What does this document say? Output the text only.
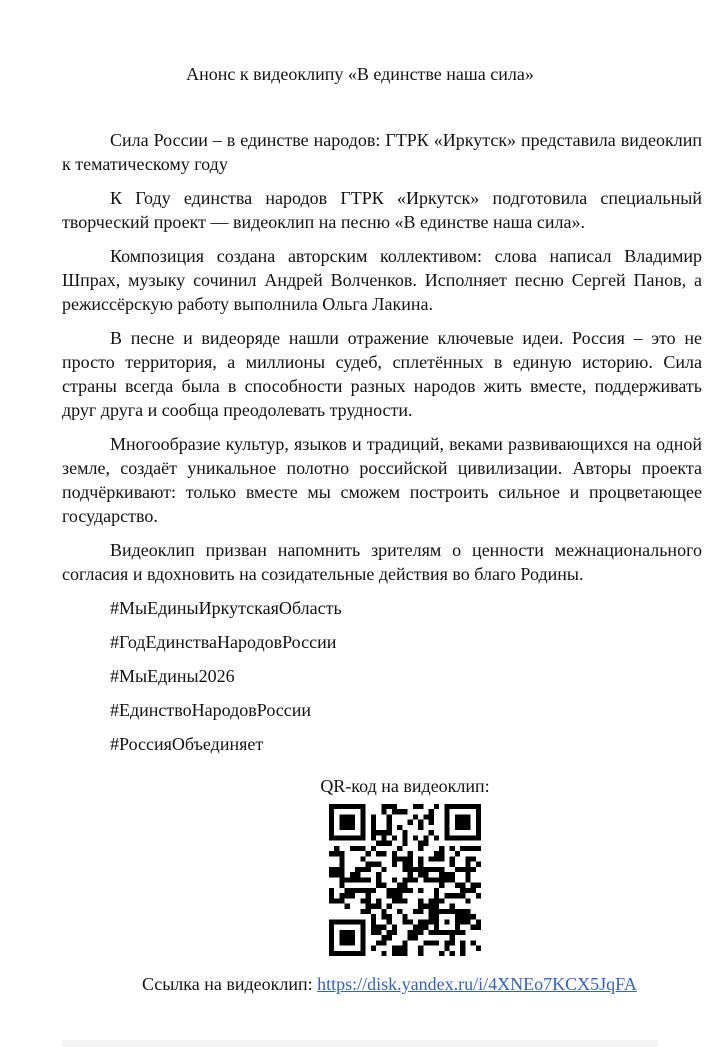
Анонс к видеоклипу «В единстве наша сила»

Сила России – в единстве народов: ГТРК «Иркутск» представила видеоклип к тематическому году

К Году единства народов ГТРК «Иркутск» подготовила специальный творческий проект — видеоклип на песню «В единстве наша сила».

Композиция создана авторским коллективом: слова написал Владимир Шпрах, музыку сочинил Андрей Волченков. Исполняет песню Сергей Панов, а режиссёрскую работу выполнила Ольга Лакина.

В песне и видеоряде нашли отражение ключевые идеи. Россия – это не просто территория, а миллионы судеб, сплетённых в единую историю. Сила страны всегда была в способности разных народов жить вместе, поддерживать друг друга и сообща преодолевать трудности.

Многообразие культур, языков и традиций, веками развивающихся на одной земле, создаёт уникальное полотно российской цивилизации. Авторы проекта подчёркивают: только вместе мы сможем построить сильное и процветающее государство.

Видеоклип призван напомнить зрителям о ценности межнационального согласия и вдохновить на созидательные действия во благо Родины.

#МыЕдиныИркутскаяОбласть

#ГодЕдинстваНародовРоссии

#МыЕдины2026

#ЕдинствоНародовРоссии

#РоссияОбъединяет

QR-код на видеоклип:
Ссылка на видеоклип: https://disk.yandex.ru/i/4XNEo7KCX5JqFA
